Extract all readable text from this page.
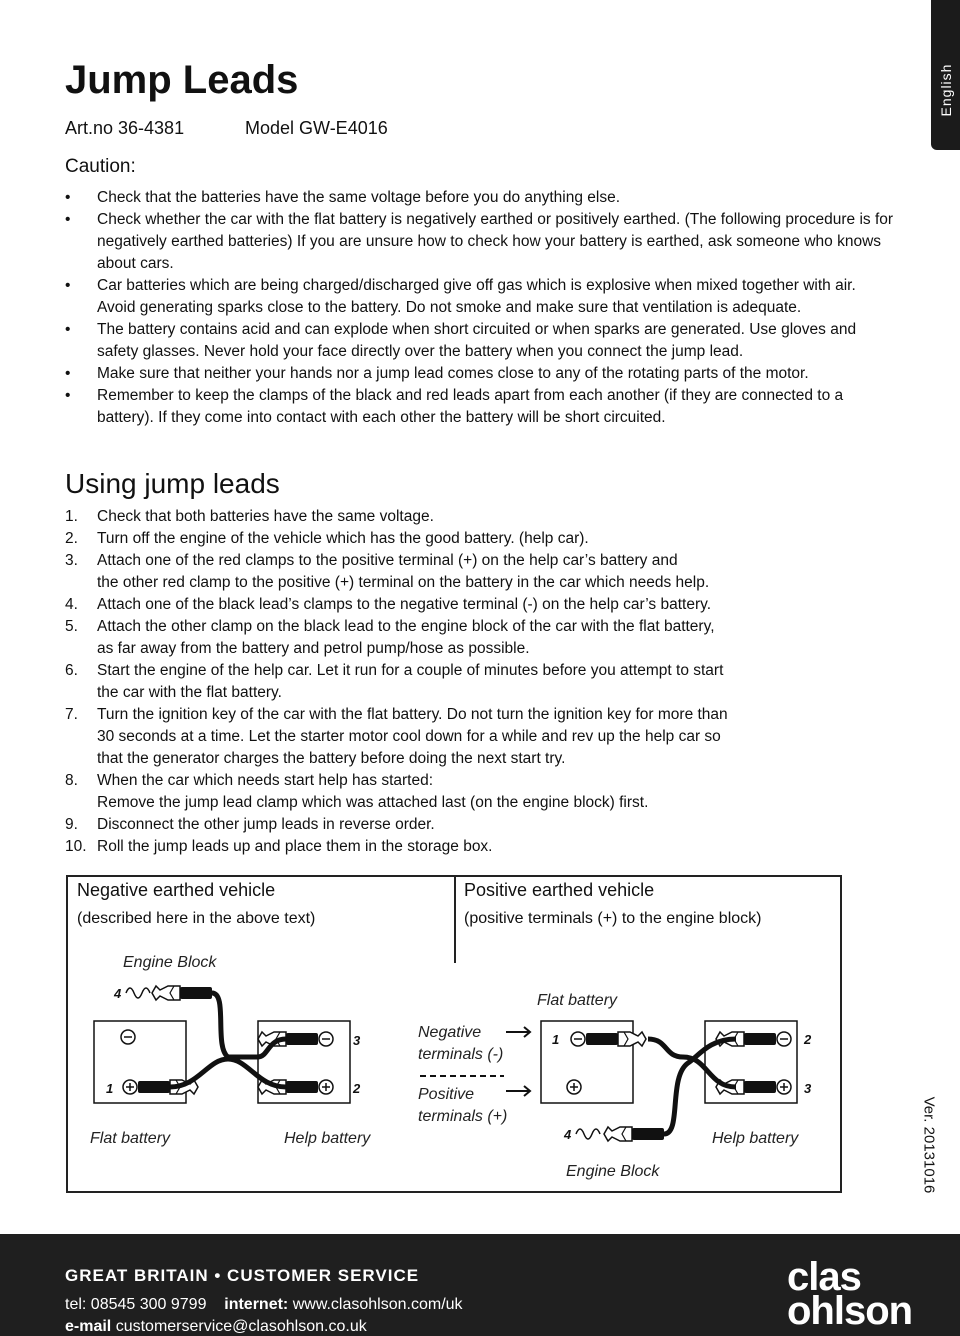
English
Jump Leads
Art.no 36-4381	Model GW-E4016
Caution:
• Check that the batteries have the same voltage before you do anything else.
• Check whether the car with the flat battery is negatively earthed or positively earthed. (The following procedure is for negatively earthed batteries) If you are unsure how to check how your battery is earthed, ask someone who knows about cars.
• Car batteries which are being charged/discharged give off gas which is explosive when mixed together with air. Avoid generating sparks close to the battery. Do not smoke and make sure that ventilation is adequate.
• The battery contains acid and can explode when short circuited or when sparks are generated. Use gloves and safety glasses. Never hold your face directly over the battery when you connect the jump lead.
• Make sure that neither your hands nor a jump lead comes close to any of the rotating parts of the motor.
• Remember to keep the clamps of the black and red leads apart from each another (if they are connected to a battery). If they come into contact with each other the battery will be short circuited.
Using jump leads
1. Check that both batteries have the same voltage.
2. Turn off the engine of the vehicle which has the good battery. (help car).
3. Attach one of the red clamps to the positive terminal (+) on the help car’s battery and
the other red clamp to the positive (+) terminal on the battery in the car which needs help.
4. Attach one of the black lead’s clamps to the negative terminal (-) on the help car’s battery.
5. Attach the other clamp on the black lead to the engine block of the car with the flat battery,
as far away from the battery and petrol pump/hose as possible.
6. Start the engine of the help car. Let it run for a couple of minutes before you attempt to start
the car with the flat battery.
7. Turn the ignition key of the car with the flat battery. Do not turn the ignition key for more than
30 seconds at a time. Let the starter motor cool down for a while and rev up the help car so
that the generator charges the battery before doing the next start try.
8. When the car which needs start help has started:
Remove the jump lead clamp which was attached last (on the engine block) first.
9. Disconnect the other jump leads in reverse order.
10. Roll the jump leads up and place them in the storage box.
Negative earthed vehicle
(described here in the above text)
Positive earthed vehicle
(positive terminals (+) to the engine block)
Engine Block
4
1
3
2
Flat battery	Help battery
Negative
terminals (-)
Positive
terminals (+)
Flat battery
1	2
3
4	Help battery
Engine Block	Ver. 20131016
GREAT BRITAIN • CUSTOMER SERVICE
tel: 08545 300 9799 internet: www.clasohlson.com/uk
e-mail customerservice@clasohlson.co.uk
clas
ohlson
